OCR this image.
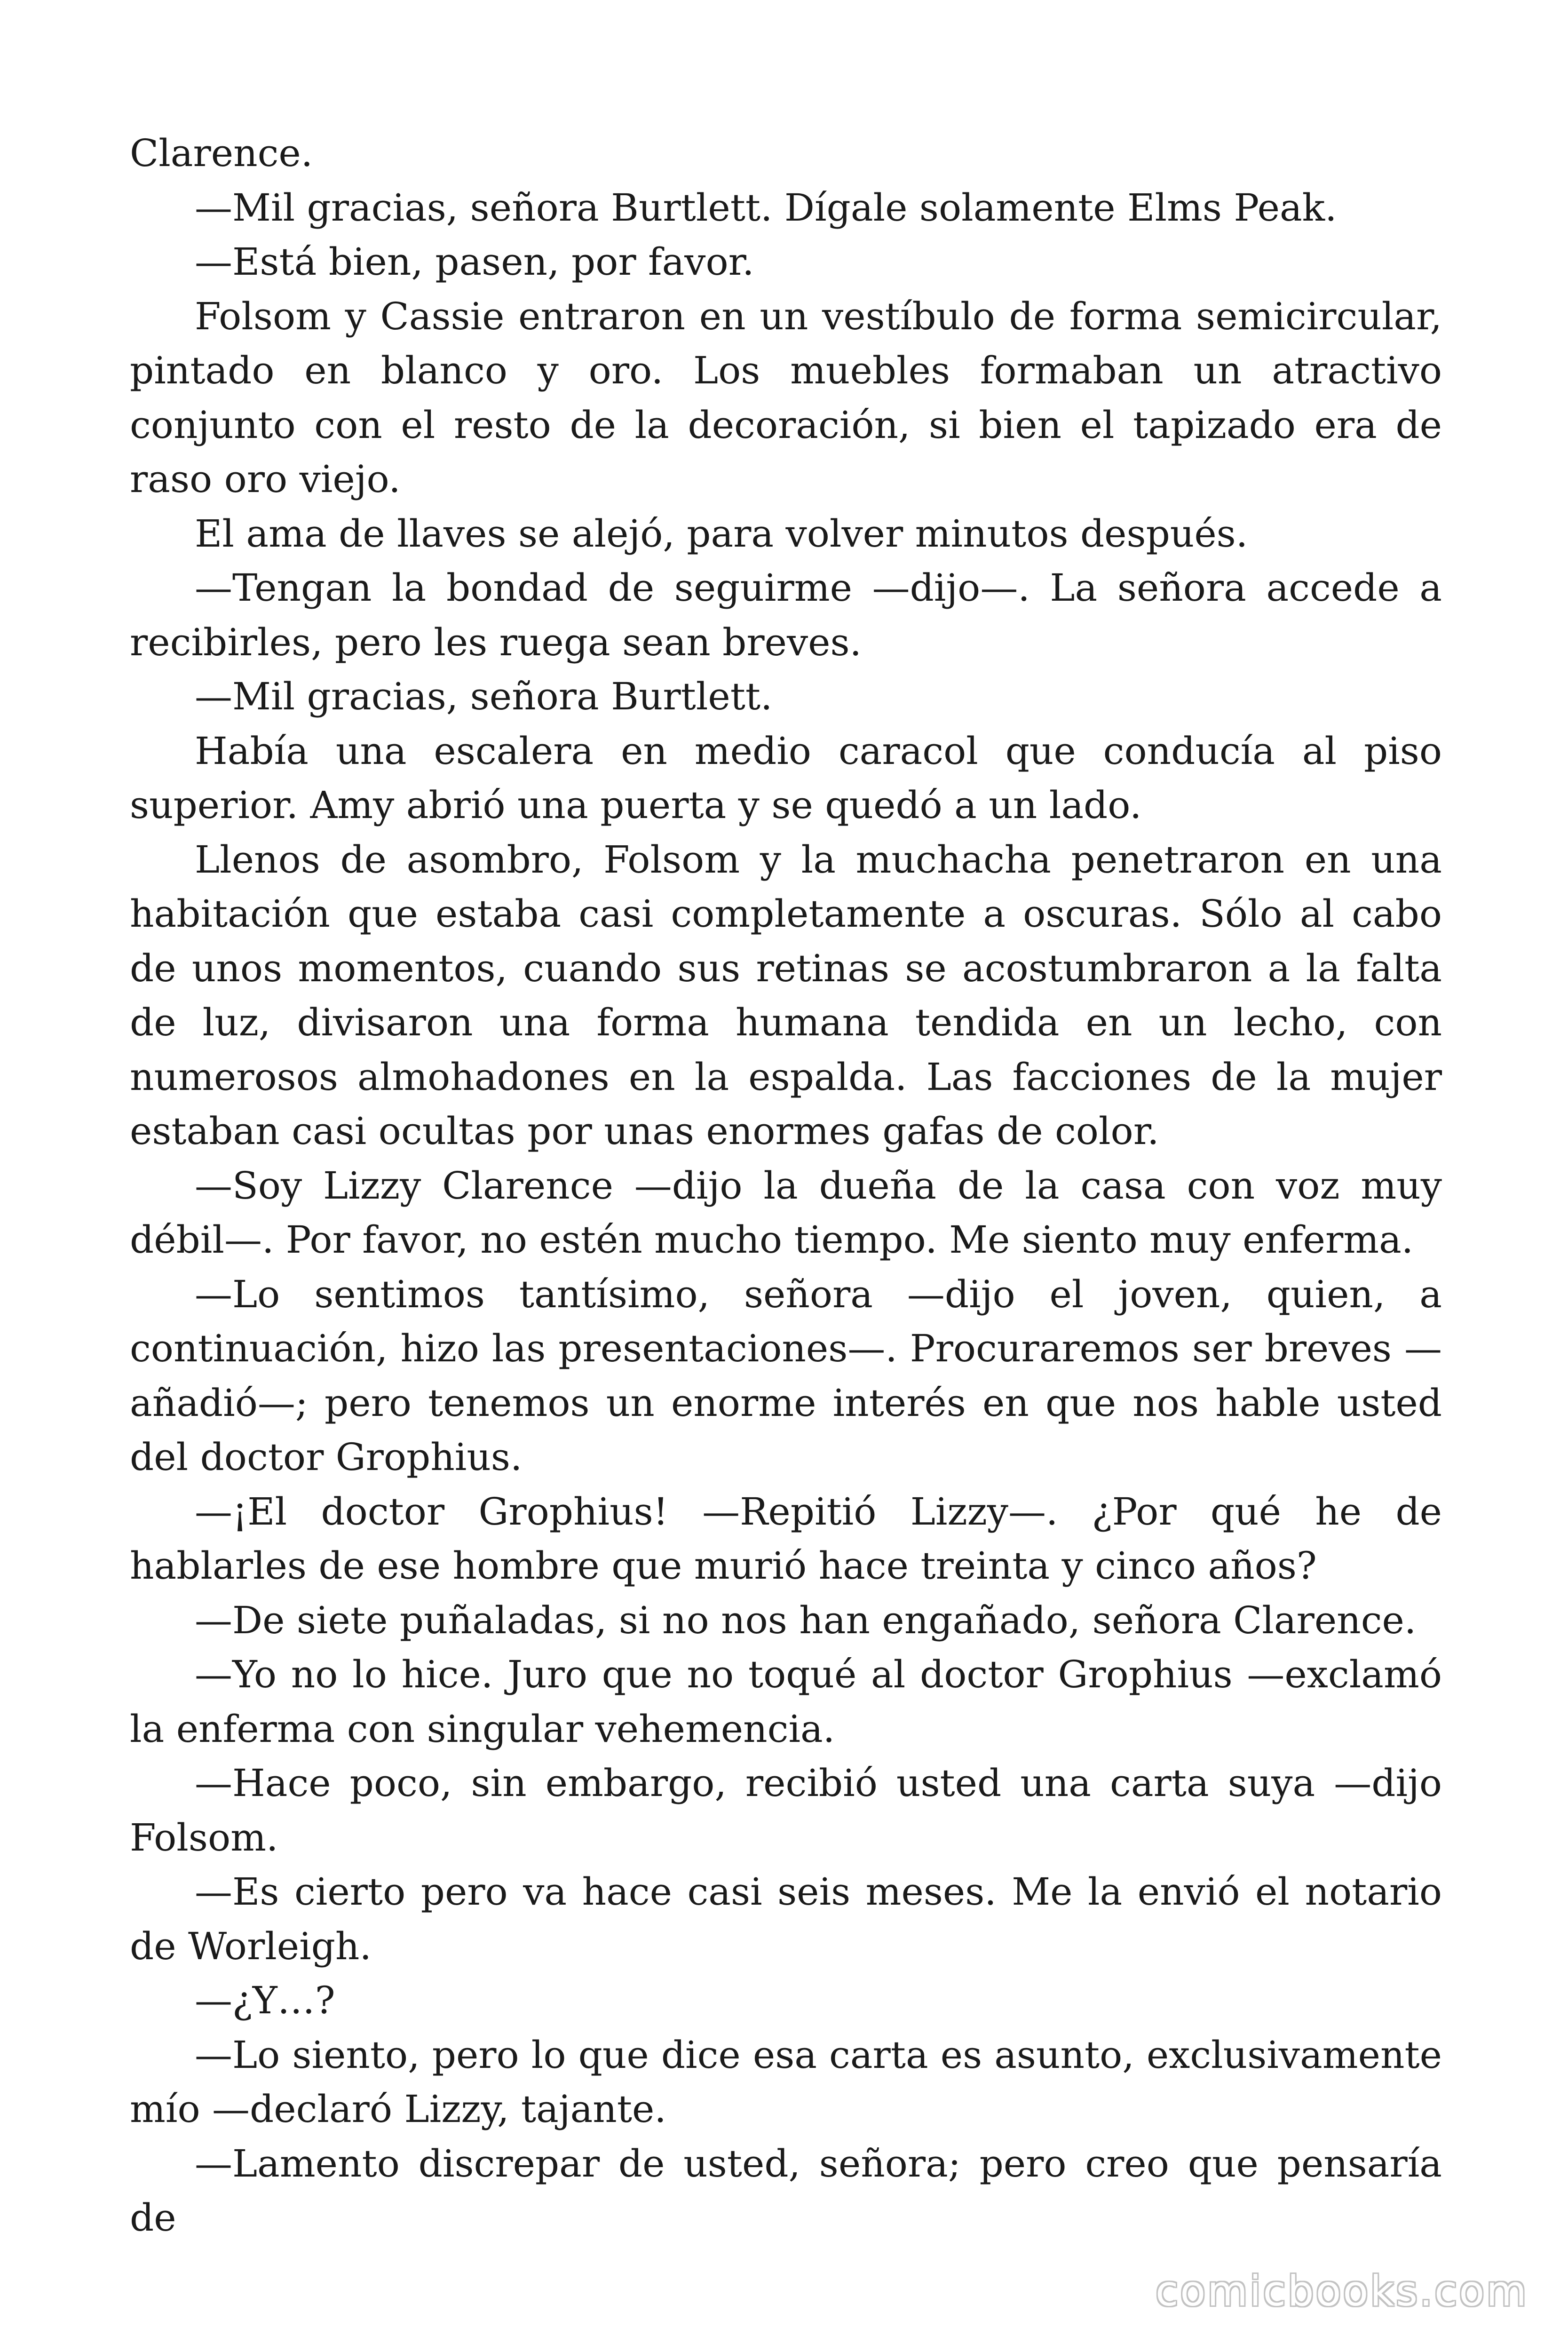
Clarence.

—Mil gracias, señora Burtlett. Dígale solamente Elms Peak.

—Está bien, pasen, por favor.

Folsom y Cassie entraron en un vestíbulo de forma semicircular, pintado en blanco y oro. Los muebles formaban un atractivo conjunto con el resto de la decoración, si bien el tapizado era de raso oro viejo.

El ama de llaves se alejó, para volver minutos después.

—Tengan la bondad de seguirme —dijo—. La señora accede a recibirles, pero les ruega sean breves.

—Mil gracias, señora Burtlett.

Había una escalera en medio caracol que conducía al piso superior. Amy abrió una puerta y se quedó a un lado.

Llenos de asombro, Folsom y la muchacha penetraron en una habitación que estaba casi completamente a oscuras. Sólo al cabo de unos momentos, cuando sus retinas se acostumbraron a la falta de luz, divisaron una forma humana tendida en un lecho, con numerosos almohadones en la espalda. Las facciones de la mujer estaban casi ocultas por unas enormes gafas de color.

—Soy Lizzy Clarence —dijo la dueña de la casa con voz muy débil—. Por favor, no estén mucho tiempo. Me siento muy enferma.

—Lo sentimos tantísimo, señora —dijo el joven, quien, a continuación, hizo las presentaciones—. Procuraremos ser breves —añadió—; pero tenemos un enorme interés en que nos hable usted del doctor Grophius.

—¡El doctor Grophius! —Repitió Lizzy—. ¿Por qué he de hablarles de ese hombre que murió hace treinta y cinco años?

—De siete puñaladas, si no nos han engañado, señora Clarence.

—Yo no lo hice. Juro que no toqué al doctor Grophius —exclamó la enferma con singular vehemencia.

—Hace poco, sin embargo, recibió usted una carta suya —dijo Folsom.

—Es cierto pero va hace casi seis meses. Me la envió el notario de Worleigh.

—¿Y…?

—Lo siento, pero lo que dice esa carta es asunto, exclusivamente mío —declaró Lizzy, tajante.

—Lamento discrepar de usted, señora; pero creo que pensaría de

comicbooks.com
